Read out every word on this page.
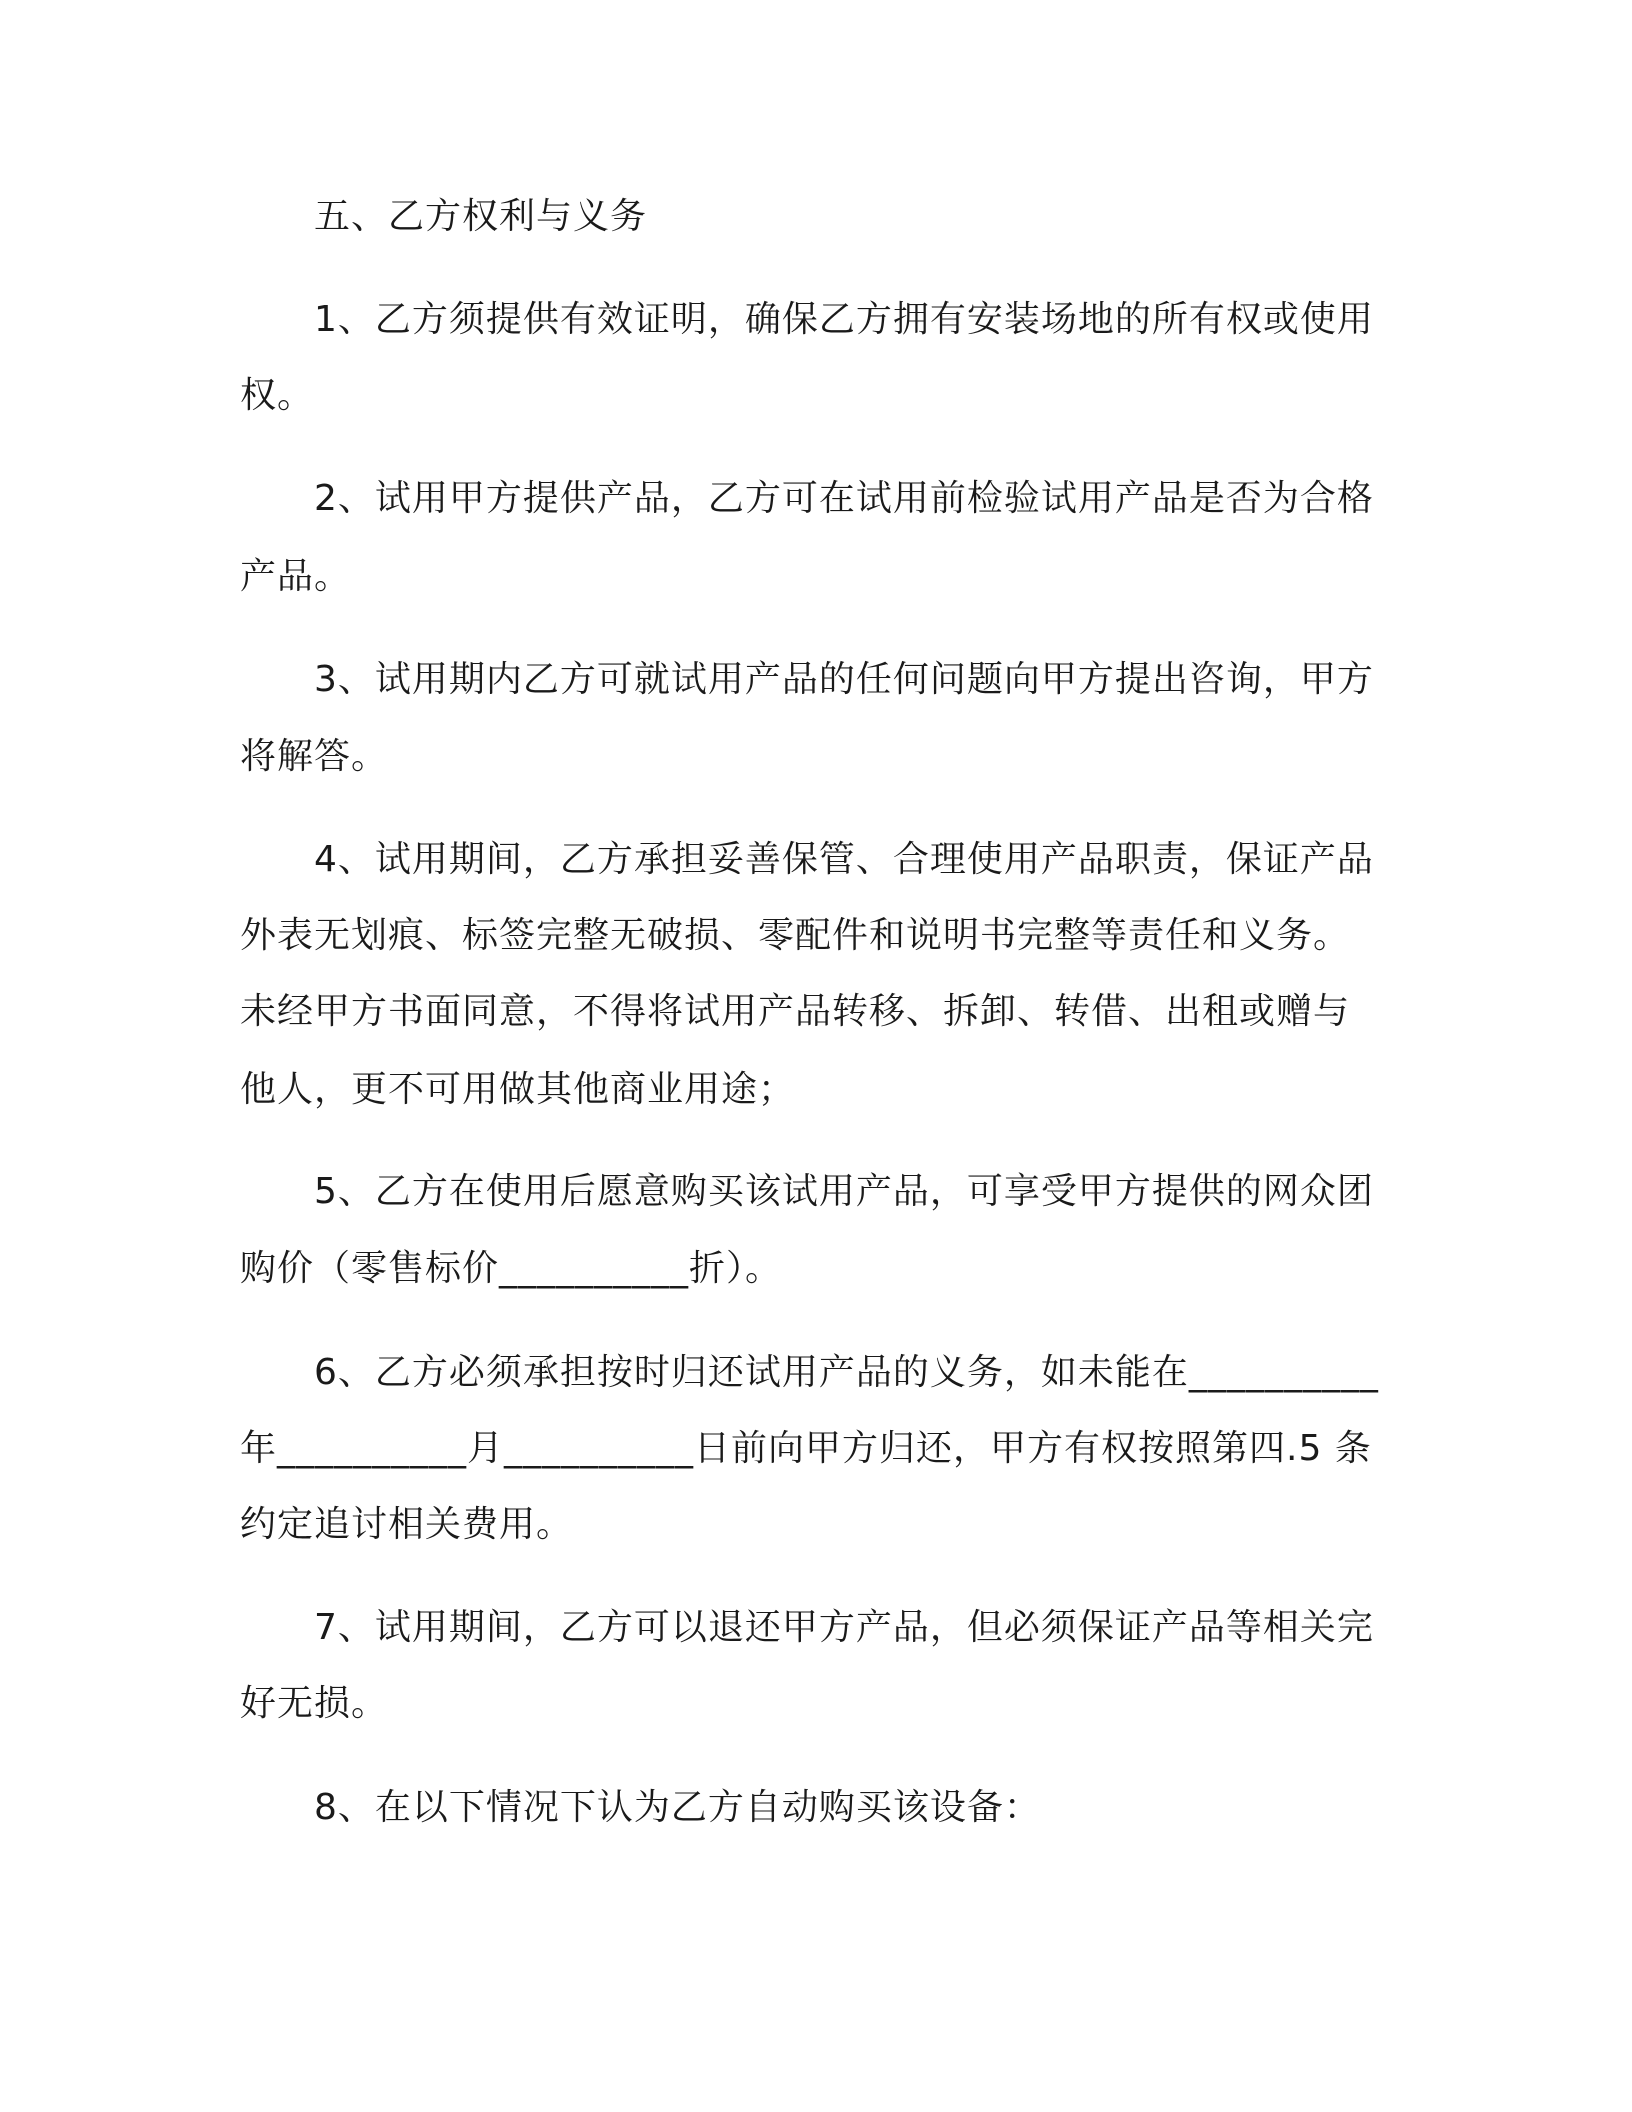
五、乙方权利与义务
1、乙方须提供有效证明，确保乙方拥有安装场地的所有权或使用
权。
2、试用甲方提供产品，乙方可在试用前检验试用产品是否为合格
产品。
3、试用期内乙方可就试用产品的任何问题向甲方提出咨询，甲方
将解答。
4、试用期间，乙方承担妥善保管、合理使用产品职责，保证产品
外表无划痕、标签完整无破损、零配件和说明书完整等责任和义务。
未经甲方书面同意，不得将试用产品转移、拆卸、转借、出租或赠与
他人，更不可用做其他商业用途；
5、乙方在使用后愿意购买该试用产品，可享受甲方提供的网众团
购价（零售标价__________折）。
6、乙方必须承担按时归还试用产品的义务，如未能在__________
年__________月__________日前向甲方归还，甲方有权按照第四.5 条
约定追讨相关费用。
7、试用期间，乙方可以退还甲方产品，但必须保证产品等相关完
好无损。
8、在以下情况下认为乙方自动购买该设备：
